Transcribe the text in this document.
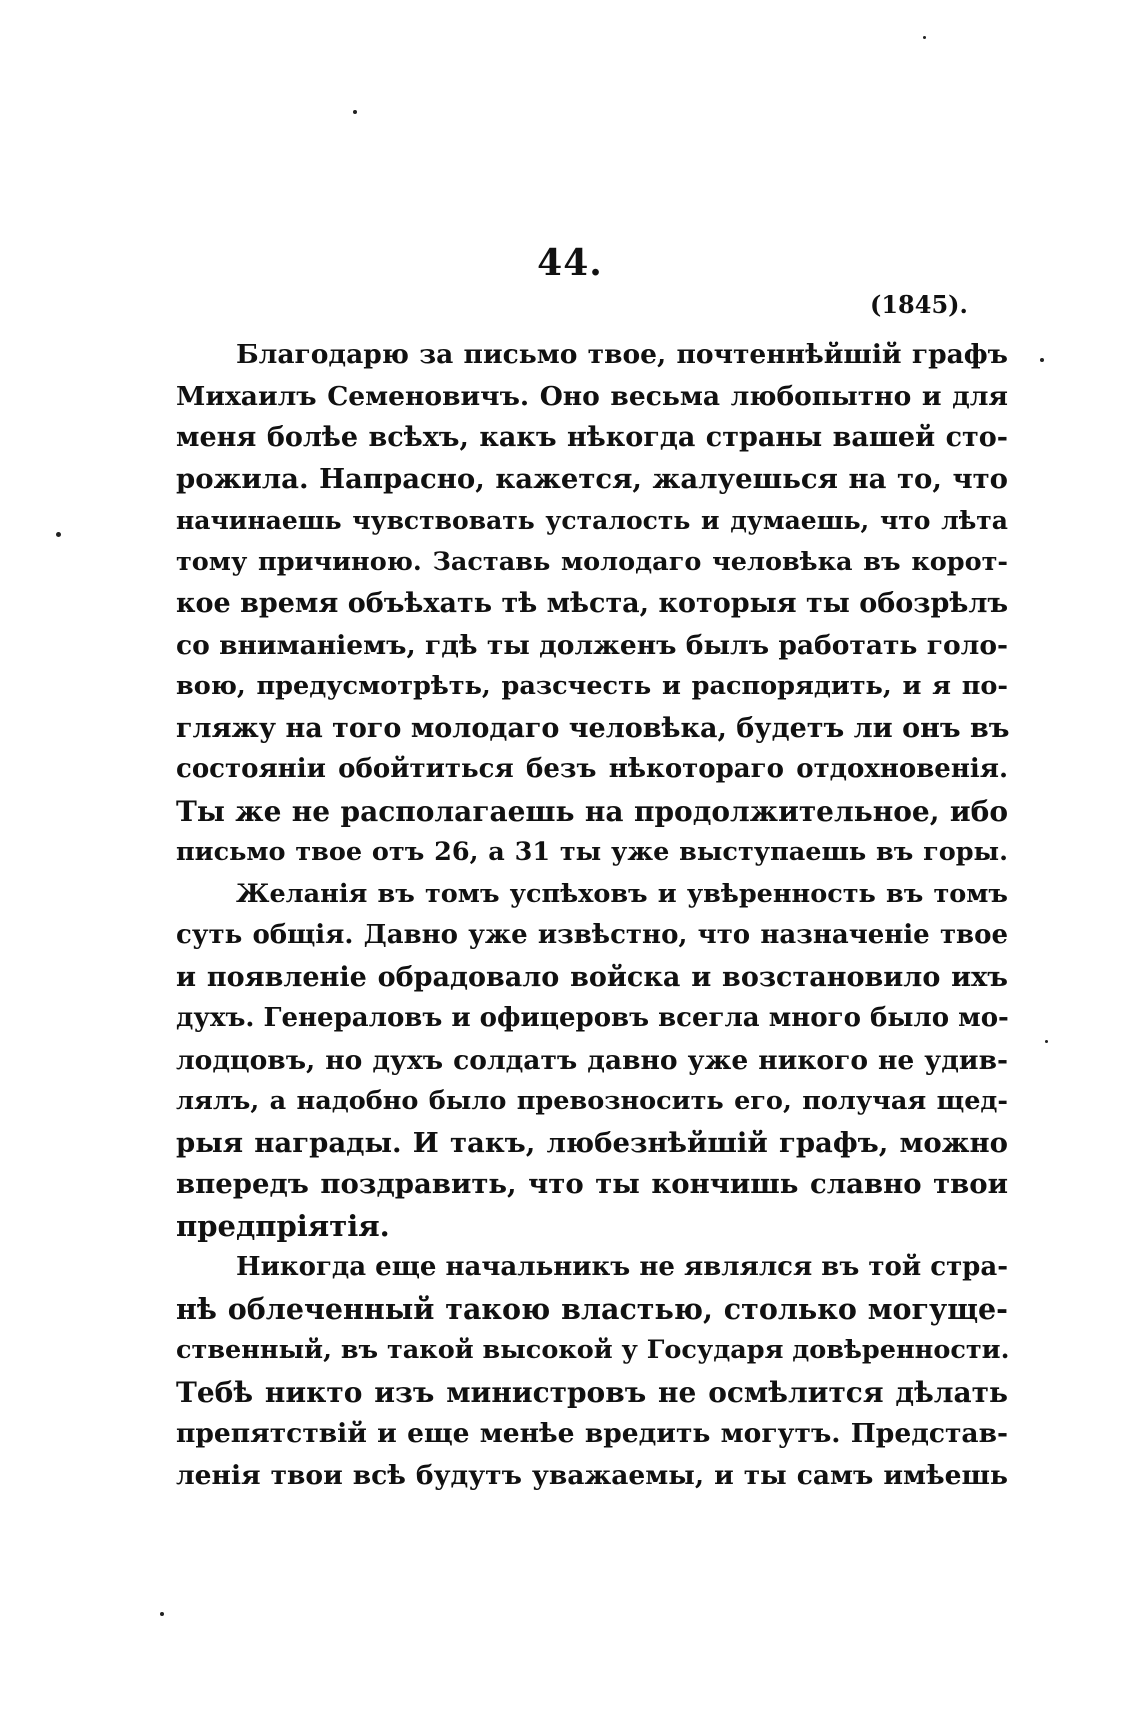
44.
(1845).
Благодарю за письмо твое, почтеннѣйшій графъ
Михаилъ Семеновичъ. Оно весьма любопытно и для
меня болѣе всѣхъ, какъ нѣкогда страны вашей сто-
рожила. Напрасно, кажется, жалуешься на то, что
начинаешь чувствовать усталость и думаешь, что лѣта
тому причиною. Заставь молодаго человѣка въ корот-
кое время объѣхать тѣ мѣста, которыя ты обозрѣлъ
со вниманіемъ, гдѣ ты долженъ былъ работать голо-
вою, предусмотрѣть, разсчесть и распорядить, и я по-
гляжу на того молодаго человѣка, будетъ ли онъ въ
состояніи обойтиться безъ нѣкотораго отдохновенія.
Ты же не располагаешь на продолжительное, ибо
письмо твое отъ 26, а 31 ты уже выступаешь въ горы.
Желанія въ томъ успѣховъ и увѣренность въ томъ
суть общія. Давно уже извѣстно, что назначеніе твое
и появленіе обрадовало войска и возстановило ихъ
духъ. Генераловъ и офицеровъ всегла много было мо-
лодцовъ, но духъ солдатъ давно уже никого не удив-
лялъ, а надобно было превозносить его, получая щед-
рыя награды. И такъ, любезнѣйшій графъ, можно
впередъ поздравить, что ты кончишь славно твои
предпріятія.
Никогда еще начальникъ не являлся въ той стра-
нѣ облеченный такою властью, столько могуще-
ственный, въ такой высокой у Государя довѣренности.
Тебѣ никто изъ министровъ не осмѣлится дѣлать
препятствій и еще менѣе вредить могутъ. Представ-
ленія твои всѣ будутъ уважаемы, и ты самъ имѣешь
